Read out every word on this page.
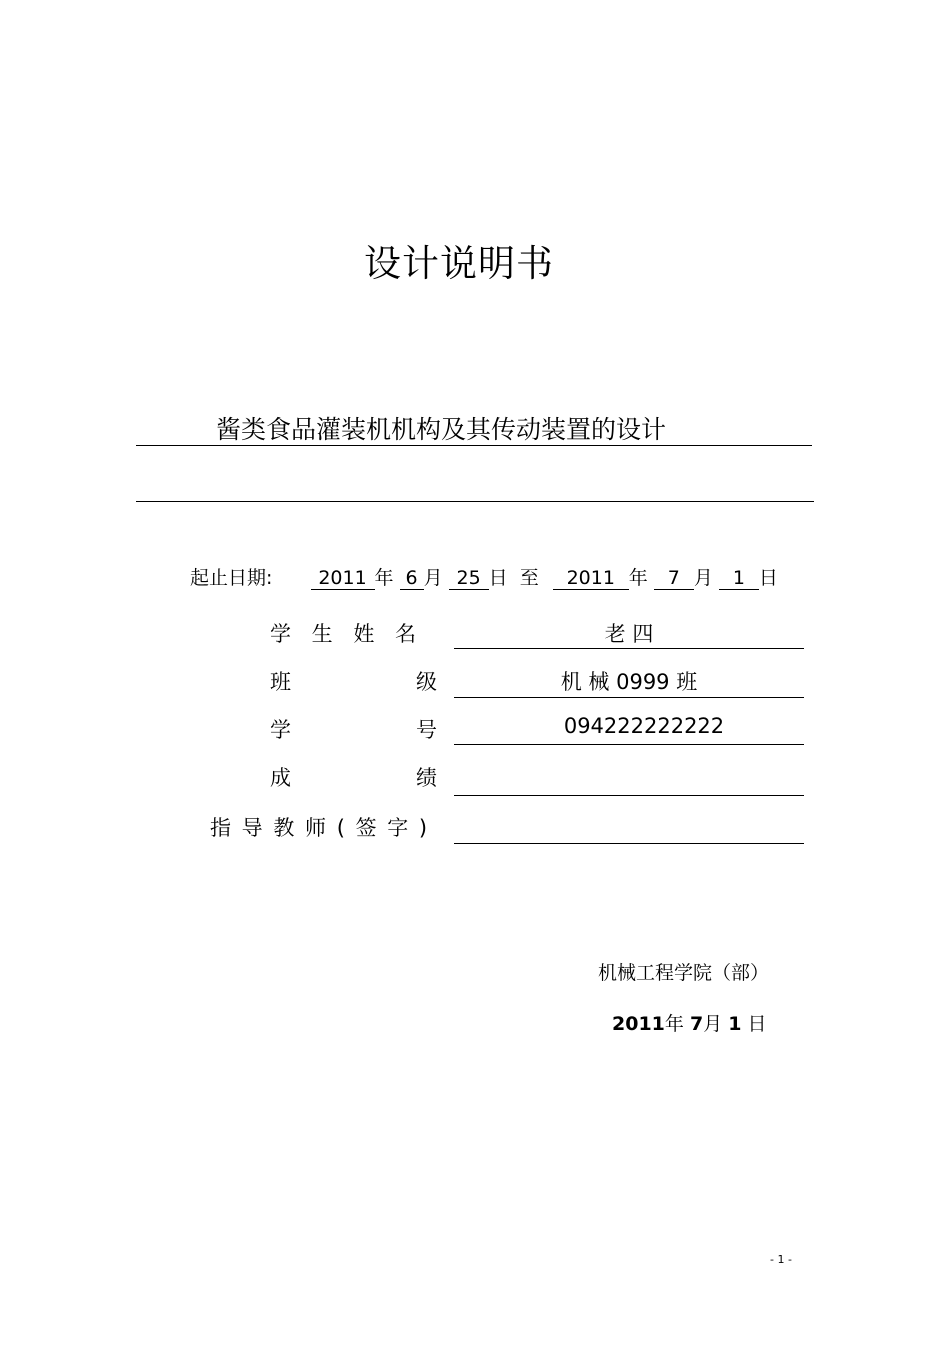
设计说明书
酱类食品灌装机机构及其传动装置的设计
起止日期: 2011 年 6 月 25 日 至 2011 年 7 月 1 日
学 生 姓 名	老 四
班	级	机 械 0999 班
学	号	094222222222
成	绩
指 导 教 师 ( 签 字 )
机械工程学院（部）
2011年 7月 1 日
- 1 -
